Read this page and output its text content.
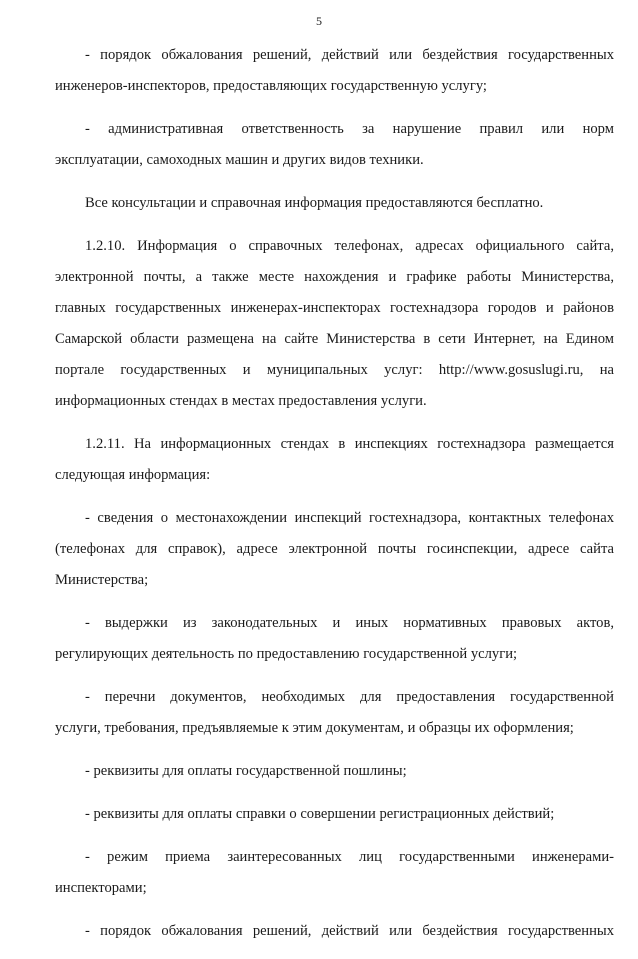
5
- порядок обжалования решений, действий или бездействия государственных
инженеров-инспекторов, предоставляющих государственную услугу;
- административная ответственность за нарушение правил или норм
эксплуатации, самоходных машин и других видов техники.
Все консультации и справочная информация предоставляются бесплатно.
1.2.10. Информация о справочных телефонах, адресах официального сайта,
электронной почты, а также месте нахождения и графике работы Министерства,
главных государственных инженерах-инспекторах гостехнадзора городов и районов
Самарской области размещена на сайте Министерства в сети Интернет, на Едином
портале государственных и муниципальных услуг: http://www.gosuslugi.ru, на
информационных стендах в местах предоставления услуги.
1.2.11. На информационных стендах в инспекциях гостехнадзора размещается
следующая информация:
- сведения о местонахождении инспекций гостехнадзора, контактных телефонах
(телефонах для справок), адресе электронной почты госинспекции, адресе сайта
Министерства;
- выдержки из законодательных и иных нормативных правовых актов,
регулирующих деятельность по предоставлению государственной услуги;
- перечни документов, необходимых для предоставления государственной
услуги, требования, предъявляемые к этим документам, и образцы их оформления;
- реквизиты для оплаты государственной пошлины;
- реквизиты для оплаты справки о совершении регистрационных действий;
- режим приема заинтересованных лиц государственными инженерами-
инспекторами;
- порядок обжалования решений, действий или бездействия государственных
